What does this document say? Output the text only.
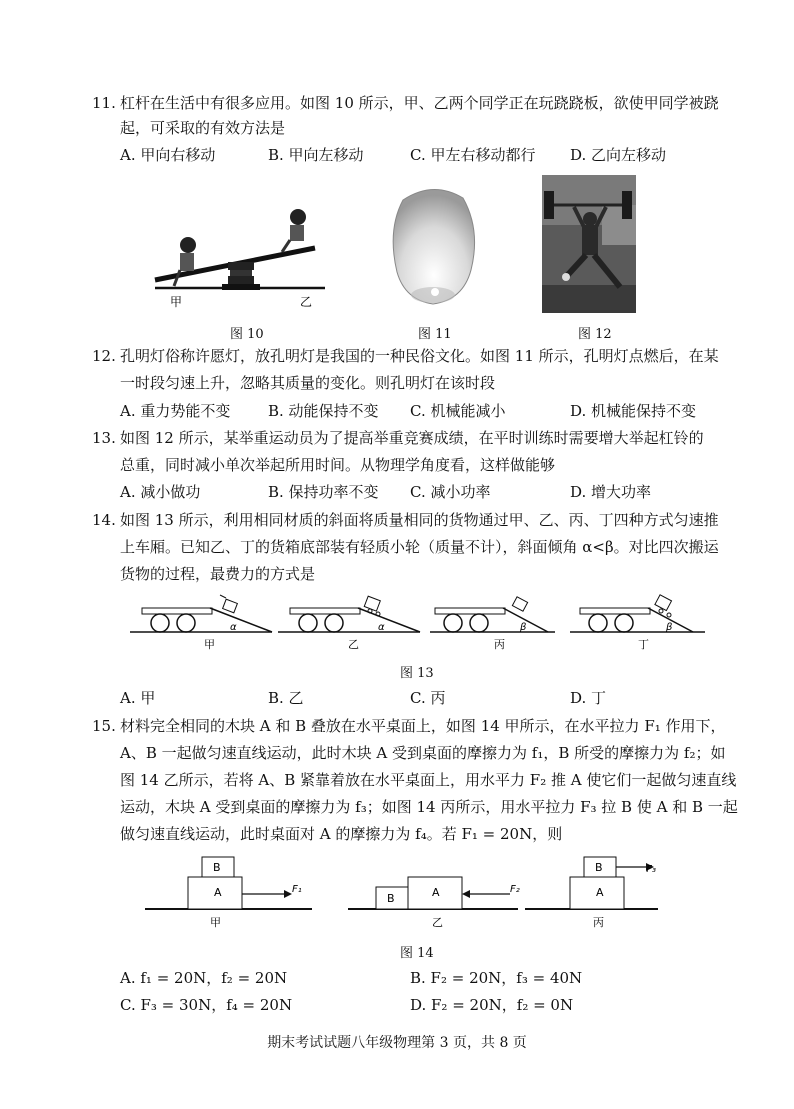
11. 杠杆在生活中有很多应用。如图 10 所示，甲、乙两个同学正在玩跷跷板，欲使甲同学被跷
起，可采取的有效方法是
A. 甲向右移动	B. 甲向左移动	C. 甲左右移动都行 D. 乙向左移动
甲	乙
图 10	图 11	图 12
12. 孔明灯俗称许愿灯，放孔明灯是我国的一种民俗文化。如图 11 所示，孔明灯点燃后，在某
一时段匀速上升，忽略其质量的变化。则孔明灯在该时段
A. 重力势能不变	B. 动能保持不变 C. 机械能减小	D. 机械能保持不变
13. 如图 12 所示，某举重运动员为了提高举重竞赛成绩，在平时训练时需要增大举起杠铃的
总重，同时减小单次举起所用时间。从物理学角度看，这样做能够
A. 减小做功	B. 保持功率不变 C. 减小功率	D. 增大功率
14. 如图 13 所示，利用相同材质的斜面将质量相同的货物通过甲、乙、丙、丁四种方式匀速推
上车厢。已知乙、丁的货箱底部装有轻质小轮（质量不计），斜面倾角 α<β。对比四次搬运
货物的过程，最费力的方式是
α
甲
α
乙
β
丙
β
丁
图 13
A. 甲	B. 乙	C. 丙	D. 丁
15. 材料完全相同的木块 A 和 B 叠放在水平桌面上，如图 14 甲所示，在水平拉力 F₁ 作用下，
A、B 一起做匀速直线运动，此时木块 A 受到桌面的摩擦力为 f₁，B 所受的摩擦力为 f₂；如
图 14 乙所示，若将 A、B 紧靠着放在水平桌面上，用水平力 F₂ 推 A 使它们一起做匀速直线
运动，木块 A 受到桌面的摩擦力为 f₃；如图 14 丙所示，用水平拉力 F₃ 拉 B 使 A 和 B 一起
做匀速直线运动，此时桌面对 A 的摩擦力为 f₄。若 F₁ = 20N，则
A
B
F₁
甲
B	A	F₂
乙
A
B	F₃
丙
图 14
A. f₁ = 20N，f₂ = 20N	B. F₂ = 20N，f₃ = 40N
C. F₃ = 30N，f₄ = 20N	D. F₂ = 20N，f₂ = 0N
期末考试试题八年级物理第 3 页，共 8 页
